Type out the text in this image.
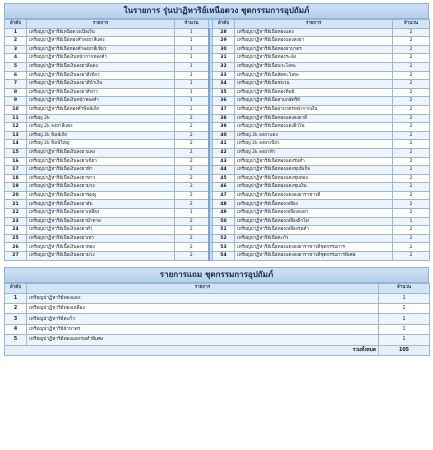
ในรายการ รุ่นปาฏิหาริย์เหนือดวง ชุดกรรมการอุปถัมภ์
ลำดับ	รายการ	จำนวน		ลำดับ	รายการ	จำนวน
1	เหรียญปาฏิหาริย์เหนือดวงเนื้อเงิน	1		28	เหรียญปาฏิหาริย์เนื้อทองแดง	2
2	เหรียญปาฏิหาริย์เนื้อทองคำลงยาสีแดง	1		29	เหรียญปาฏิหาริย์เนื้อทองแดงลงยา	2
3	เหรียญปาฏิหาริย์เนื้อทองคำลงยาสีเขียว	1		30	เหรียญปาฏิหาริย์เนื้อทองฝาบาตร	2
4	เหรียญปาฏิหาริย์เนื้อเงินหน้ากากทองคำ	1		31	เหรียญปาฏิหาริย์เนื้อทองระฆัง	2
5	เหรียญปาฏิหาริย์เนื้อเงินลงยาสีแดง	1		32	เหรียญปาฏิหาริย์เนื้อนวะโลหะ	2
6	เหรียญปาฏิหาริย์เนื้อเงินลงยาสีเขียว	1		33	เหรียญปาฏิหาริย์เนื้อสัตตะโลหะ	2
7	เหรียญปาฏิหาริย์เนื้อเงินลงยาสีน้ำเงิน	1		34	เหรียญปาฏิหาริย์เนื้อชนวน	2
8	เหรียญปาฏิหาริย์เนื้อเงินลงยาสีขาว	1		35	เหรียญปาฏิหาริย์เนื้อทองทิพย์	2
9	เหรียญปาฏิหาริย์เนื้อเงินหน้าทองคำ	1		36	เหรียญปาฏิหาริย์เนื้อสามกษัตริย์	2
10	เหรียญปาฏิหาริย์เนื้อทองคำพิมพ์เล็ก	1		37	เหรียญปาฏิหาริย์เนื้อฝาบาตรหน้ากากเงิน	2
11	เหรียญ 2k	2		38	เหรียญปาฏิหาริย์เนื้อทองแดงลงยาสี	2
12	เหรียญ 2k ลงยาสีแดง	2		39	เหรียญปาฏิหาริย์เนื้อทองแดงผิวไฟ	2
13	เหรียญ 2k พิมพ์เล็ก	2		40	เหรียญ 2k ลงยาแดง	2
14	เหรียญ 2k พิมพ์ใหญ่	2		41	เหรียญ 2k ลงยาเขียว	2
15	เหรียญปาฏิหาริย์เนื้อเงินลงยาแดง	2		42	เหรียญ 2k ลงยาฟ้า	2
16	เหรียญปาฏิหาริย์เนื้อเงินลงยาเขียว	2		43	เหรียญปาฏิหาริย์เนื้อทองแดงรมดำ	2
17	เหรียญปาฏิหาริย์เนื้อเงินลงยาฟ้า	2		44	เหรียญปาฏิหาริย์เนื้อทองแดงชุบนิเกิ้ล	2
18	เหรียญปาฏิหาริย์เนื้อเงินลงยาขาว	2		45	เหรียญปาฏิหาริย์เนื้อทองแดงชุบทอง	2
19	เหรียญปาฏิหาริย์เนื้อเงินลงยาม่วง	2		46	เหรียญปาฏิหาริย์เนื้อทองแดงชุบเงิน	2
20	เหรียญปาฏิหาริย์เนื้อเงินลงยาชมพู	2		47	เหรียญปาฏิหาริย์เนื้อทองแดงลงยาราชาวดี	2
21	เหรียญปาฏิหาริย์เนื้อเงินลงยาส้ม	2		48	เหรียญปาฏิหาริย์เนื้อทองเหลือง	2
22	เหรียญปาฏิหาริย์เนื้อเงินลงยาเหลือง	1		49	เหรียญปาฏิหาริย์เนื้อทองเหลืองลงยา	2
23	เหรียญปาฏิหาริย์เนื้อเงินลงยาน้ำตาล	2		50	เหรียญปาฏิหาริย์เนื้อทองเหลืองผิวไฟ	1
24	เหรียญปาฏิหาริย์เนื้อเงินลงยาดำ	2		51	เหรียญปาฏิหาริย์เนื้อทองเหลืองรมดำ	2
25	เหรียญปาฏิหาริย์เนื้อเงินลงยาเทา	2		52	เหรียญปาฏิหาริย์เนื้อตะกั่ว	2
26	เหรียญปาฏิหาริย์เนื้อเงินลงยาทอง	2		53	เหรียญปาฏิหาริย์เนื้อทองแดงลงยาราชาวดีชุดกรรมการ	2
27	เหรียญปาฏิหาริย์เนื้อเงินลงยาม่วง	2		54	เหรียญปาฏิหาริย์เนื้อทองแดงลงยาราชาวดีชุดกรรมการพิเศษ	2
รายการแถม ชุดกรรมการอุปถัมภ์
ลำดับ	รายการ	จำนวน
1	เหรียญปาฏิหาริย์ทองแดง	1
2	เหรียญปาฏิหาริย์ทองเหลือง	1
3	เหรียญปาฏิหาริย์ตะกั่ว	1
4	เหรียญปาฏิหาริย์ฝาบาตร	1
5	เหรียญปาฏิหาริย์ทองแดงรมดำพิเศษ	1
รวมทั้งหมด		105
